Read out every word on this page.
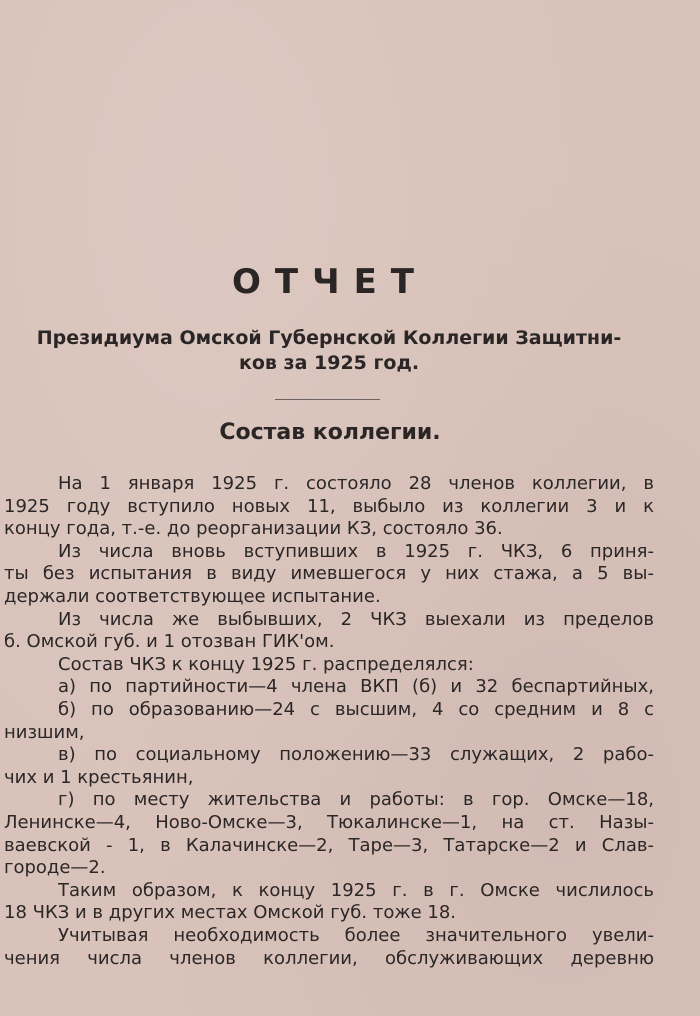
ОТЧЕТ
Президиума Омской Губернской Коллегии Защитни-
ков за 1925 год.
Состав коллегии.
На 1 января 1925 г. состояло 28 членов коллегии, в
1925 году вступило новых 11, выбыло из коллегии 3 и к
концу года, т.-е. до реорганизации КЗ, состояло 36.
Из числа вновь вступивших в 1925 г. ЧКЗ, 6 приня-
ты без испытания в виду имевшегося у них стажа, а 5 вы-
держали соответствующее испытание.
Из числа же выбывших, 2 ЧКЗ выехали из пределов
б. Омской губ. и 1 отозван ГИК'ом.
Состав ЧКЗ к концу 1925 г. распределялся:
а) по партийности—4 члена ВКП (б) и 32 беспартийных,
б) по образованию—24 с высшим, 4 со средним и 8 с
низшим,
в) по социальному положению—33 служащих, 2 рабо-
чих и 1 крестьянин,
г) по месту жительства и работы: в гор. Омске—18,
Ленинске—4, Ново-Омске—3, Тюкалинске—1, на ст. Назы-
ваевской - 1, в Калачинске—2, Таре—3, Татарске—2 и Слав-
городе—2.
Таким образом, к концу 1925 г. в г. Омске числилось
18 ЧКЗ и в других местах Омской губ. тоже 18.
Учитывая необходимость более значительного увели-
чения числа членов коллегии, обслуживающих деревню
